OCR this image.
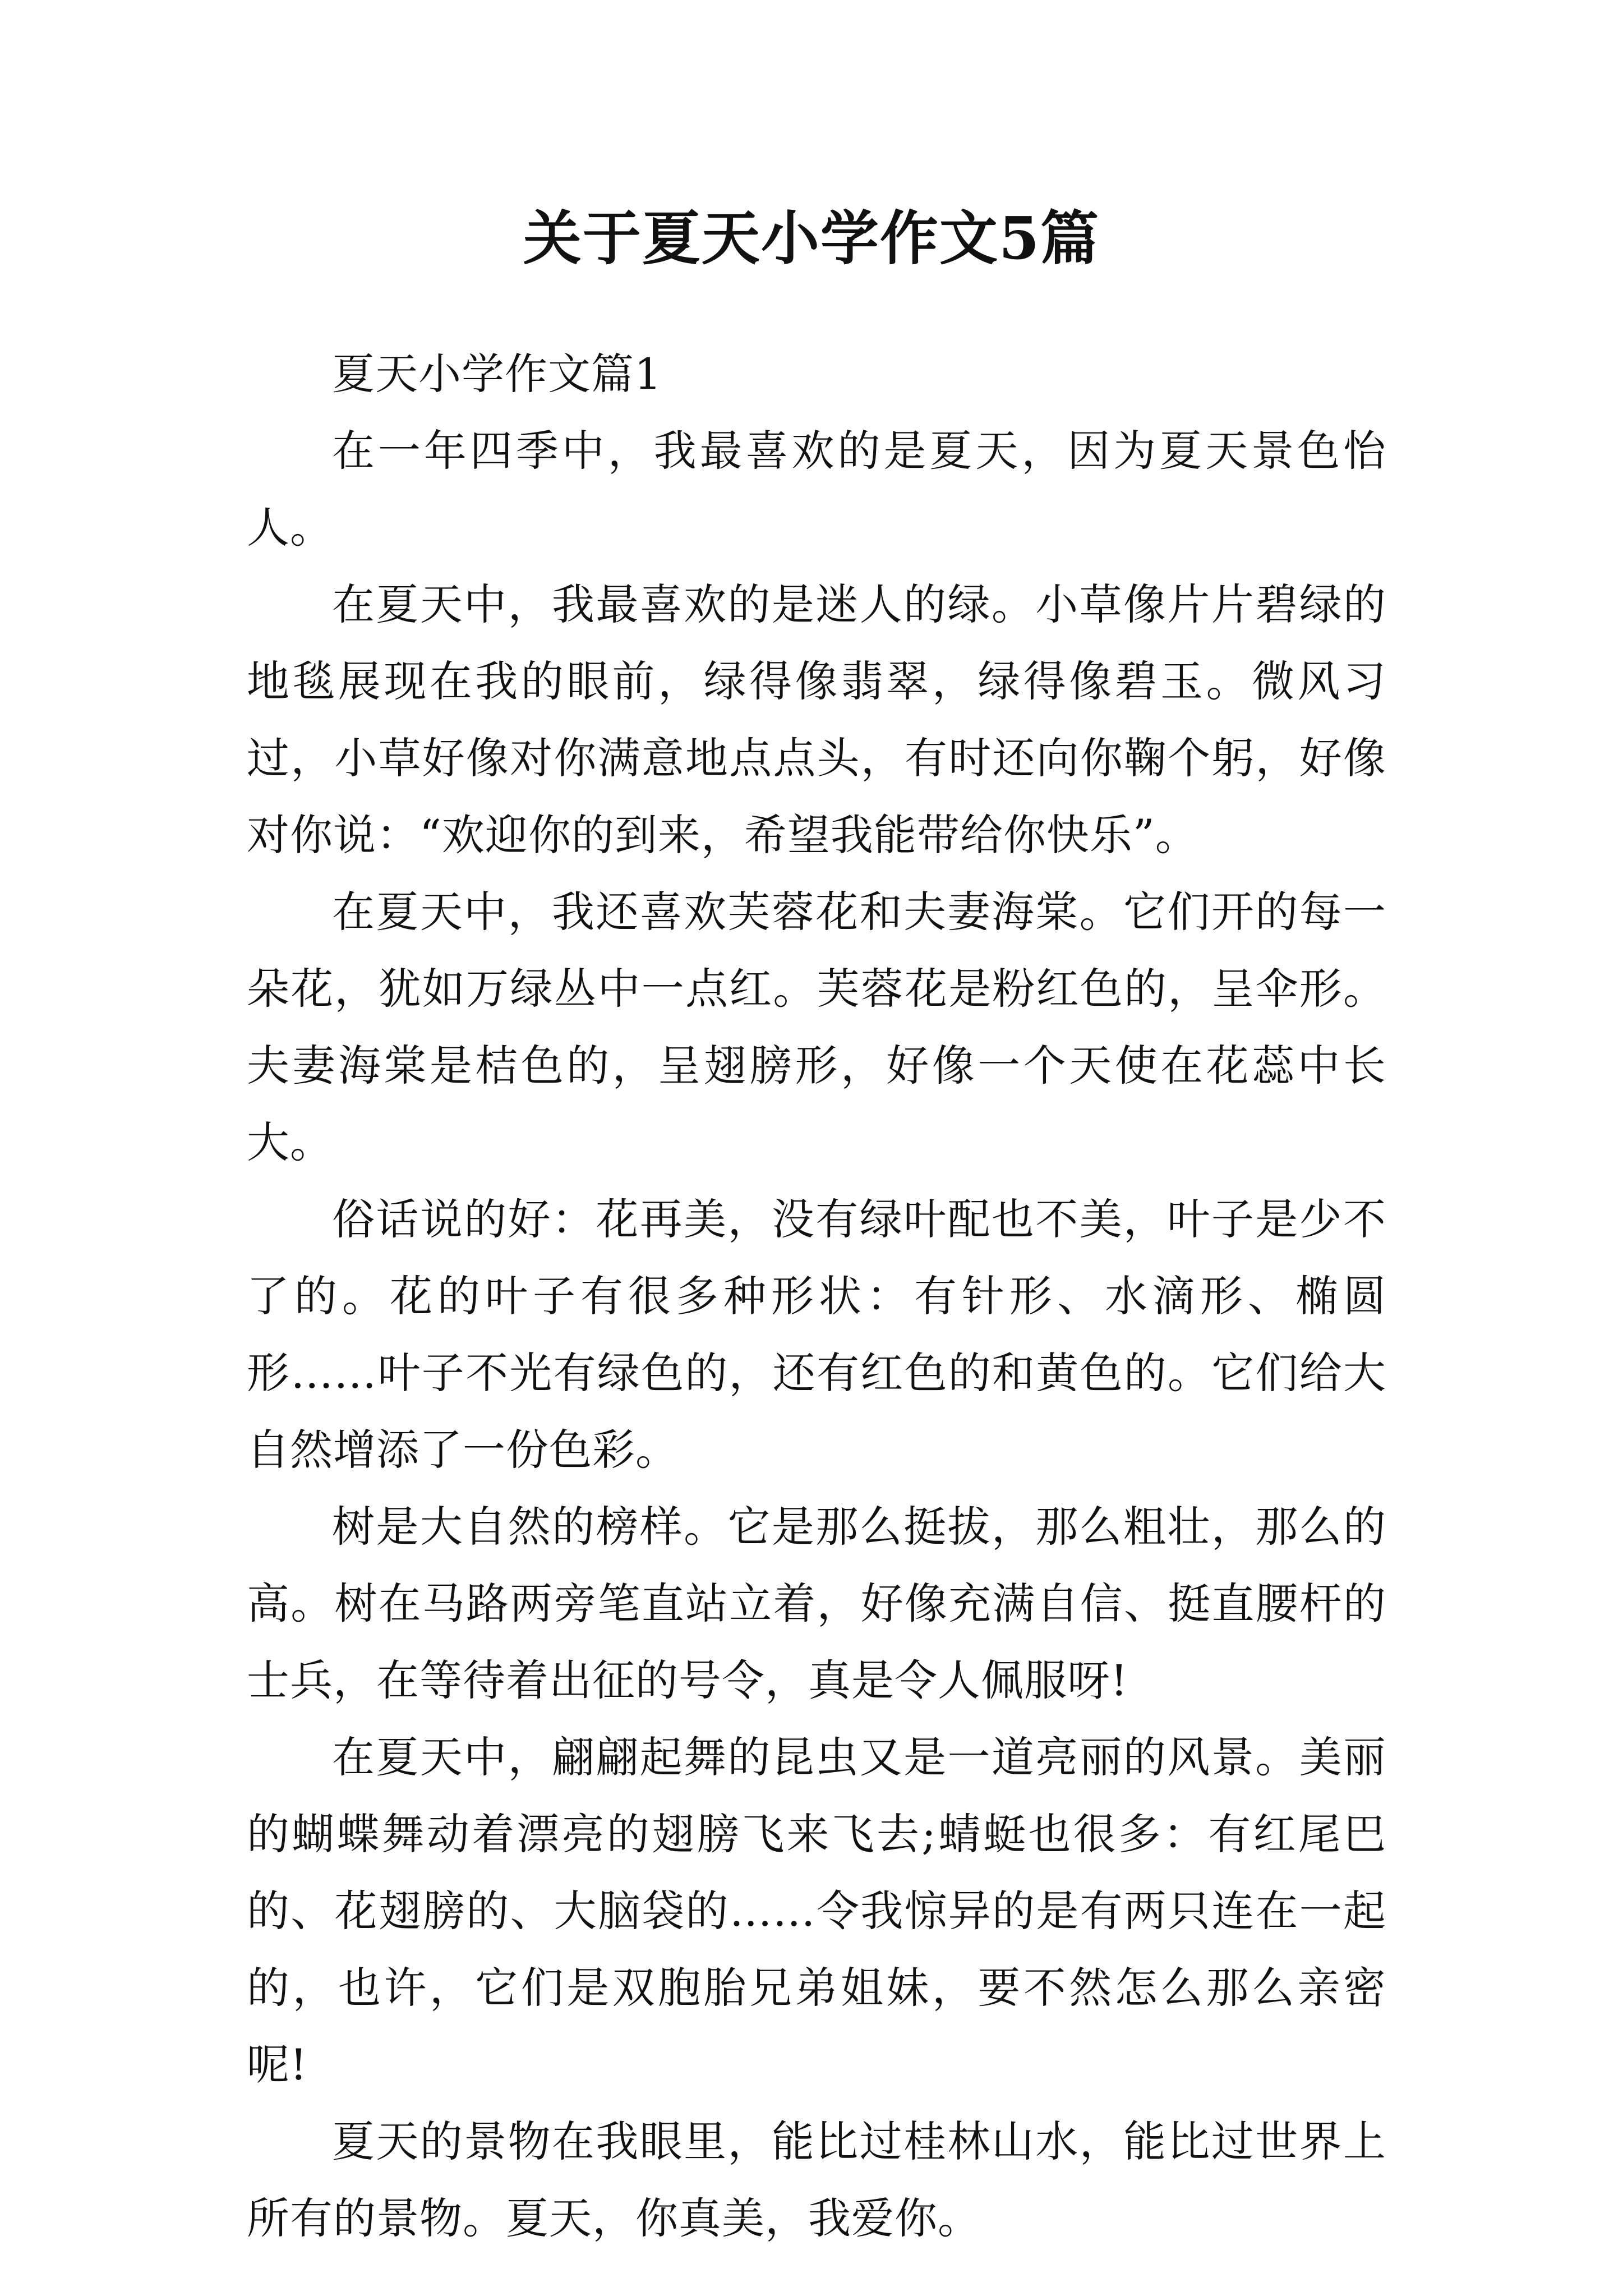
关于夏天小学作文5篇

夏天小学作文篇1

在一年四季中，我最喜欢的是夏天，因为夏天景色怡人。

在夏天中，我最喜欢的是迷人的绿。小草像片片碧绿的地毯展现在我的眼前，绿得像翡翠，绿得像碧玉。微风习过，小草好像对你满意地点点头，有时还向你鞠个躬，好像对你说：“欢迎你的到来，希望我能带给你快乐”。

在夏天中，我还喜欢芙蓉花和夫妻海棠。它们开的每一朵花，犹如万绿丛中一点红。芙蓉花是粉红色的，呈伞形。夫妻海棠是桔色的，呈翅膀形，好像一个天使在花蕊中长大。

俗话说的好：花再美，没有绿叶配也不美，叶子是少不了的。花的叶子有很多种形状：有针形、水滴形、椭圆形……叶子不光有绿色的，还有红色的和黄色的。它们给大自然增添了一份色彩。

树是大自然的榜样。它是那么挺拔，那么粗壮，那么的高。树在马路两旁笔直站立着，好像充满自信、挺直腰杆的士兵，在等待着出征的号令，真是令人佩服呀!

在夏天中，翩翩起舞的昆虫又是一道亮丽的风景。美丽的蝴蝶舞动着漂亮的翅膀飞来飞去;蜻蜓也很多：有红尾巴的、花翅膀的、大脑袋的……令我惊异的是有两只连在一起的，也许，它们是双胞胎兄弟姐妹，要不然怎么那么亲密呢!

夏天的景物在我眼里，能比过桂林山水，能比过世界上所有的景物。夏天，你真美，我爱你。
